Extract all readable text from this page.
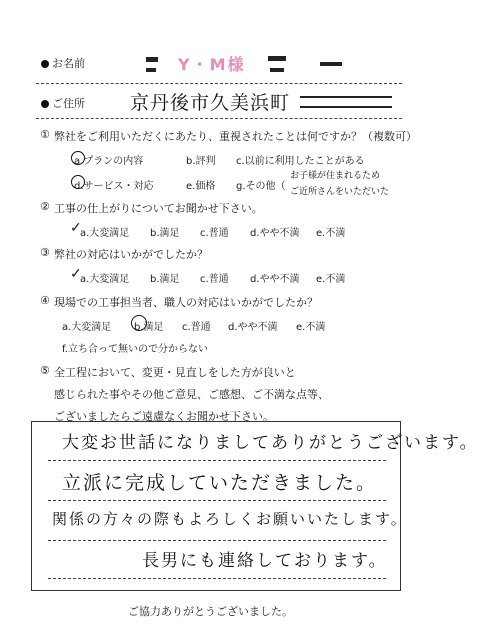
お名前	Y・M様
ご住所 京丹後市久美浜町
① 弊社をご利用いただくにあたり、重視されたことは何ですか？（複数可）
a.プランの内容	b.評判 c.以前に利用したことがある
d.サービス・対応	e.価格 g.その他（
お子様が住まれるため
ご近所さんをいただいた
② 工事の仕上がりについてお聞かせ下さい。
✓
a.大変満足 b.満足 c.普通 d.やや不満 e.不満
③ 弊社の対応はいかがでしたか？
✓
a.大変満足 b.満足 c.普通 d.やや不満 e.不満
④ 現場での工事担当者、職人の対応はいかがでしたか？
a.大変満足 b.満足 c.普通 d.やや不満 e.不満
f.立ち合って無いので分からない
⑤ 全工程において、変更・見直しをした方が良いと
感じられた事やその他ご意見、ご感想、ご不満な点等、
ございましたらご遠慮なくお聞かせ下さい。
大変お世話になりましてありがとうございます。
立派に完成していただきました。
関係の方々の際もよろしくお願いいたします。
長男にも連絡しております。
ご協力ありがとうございました。
